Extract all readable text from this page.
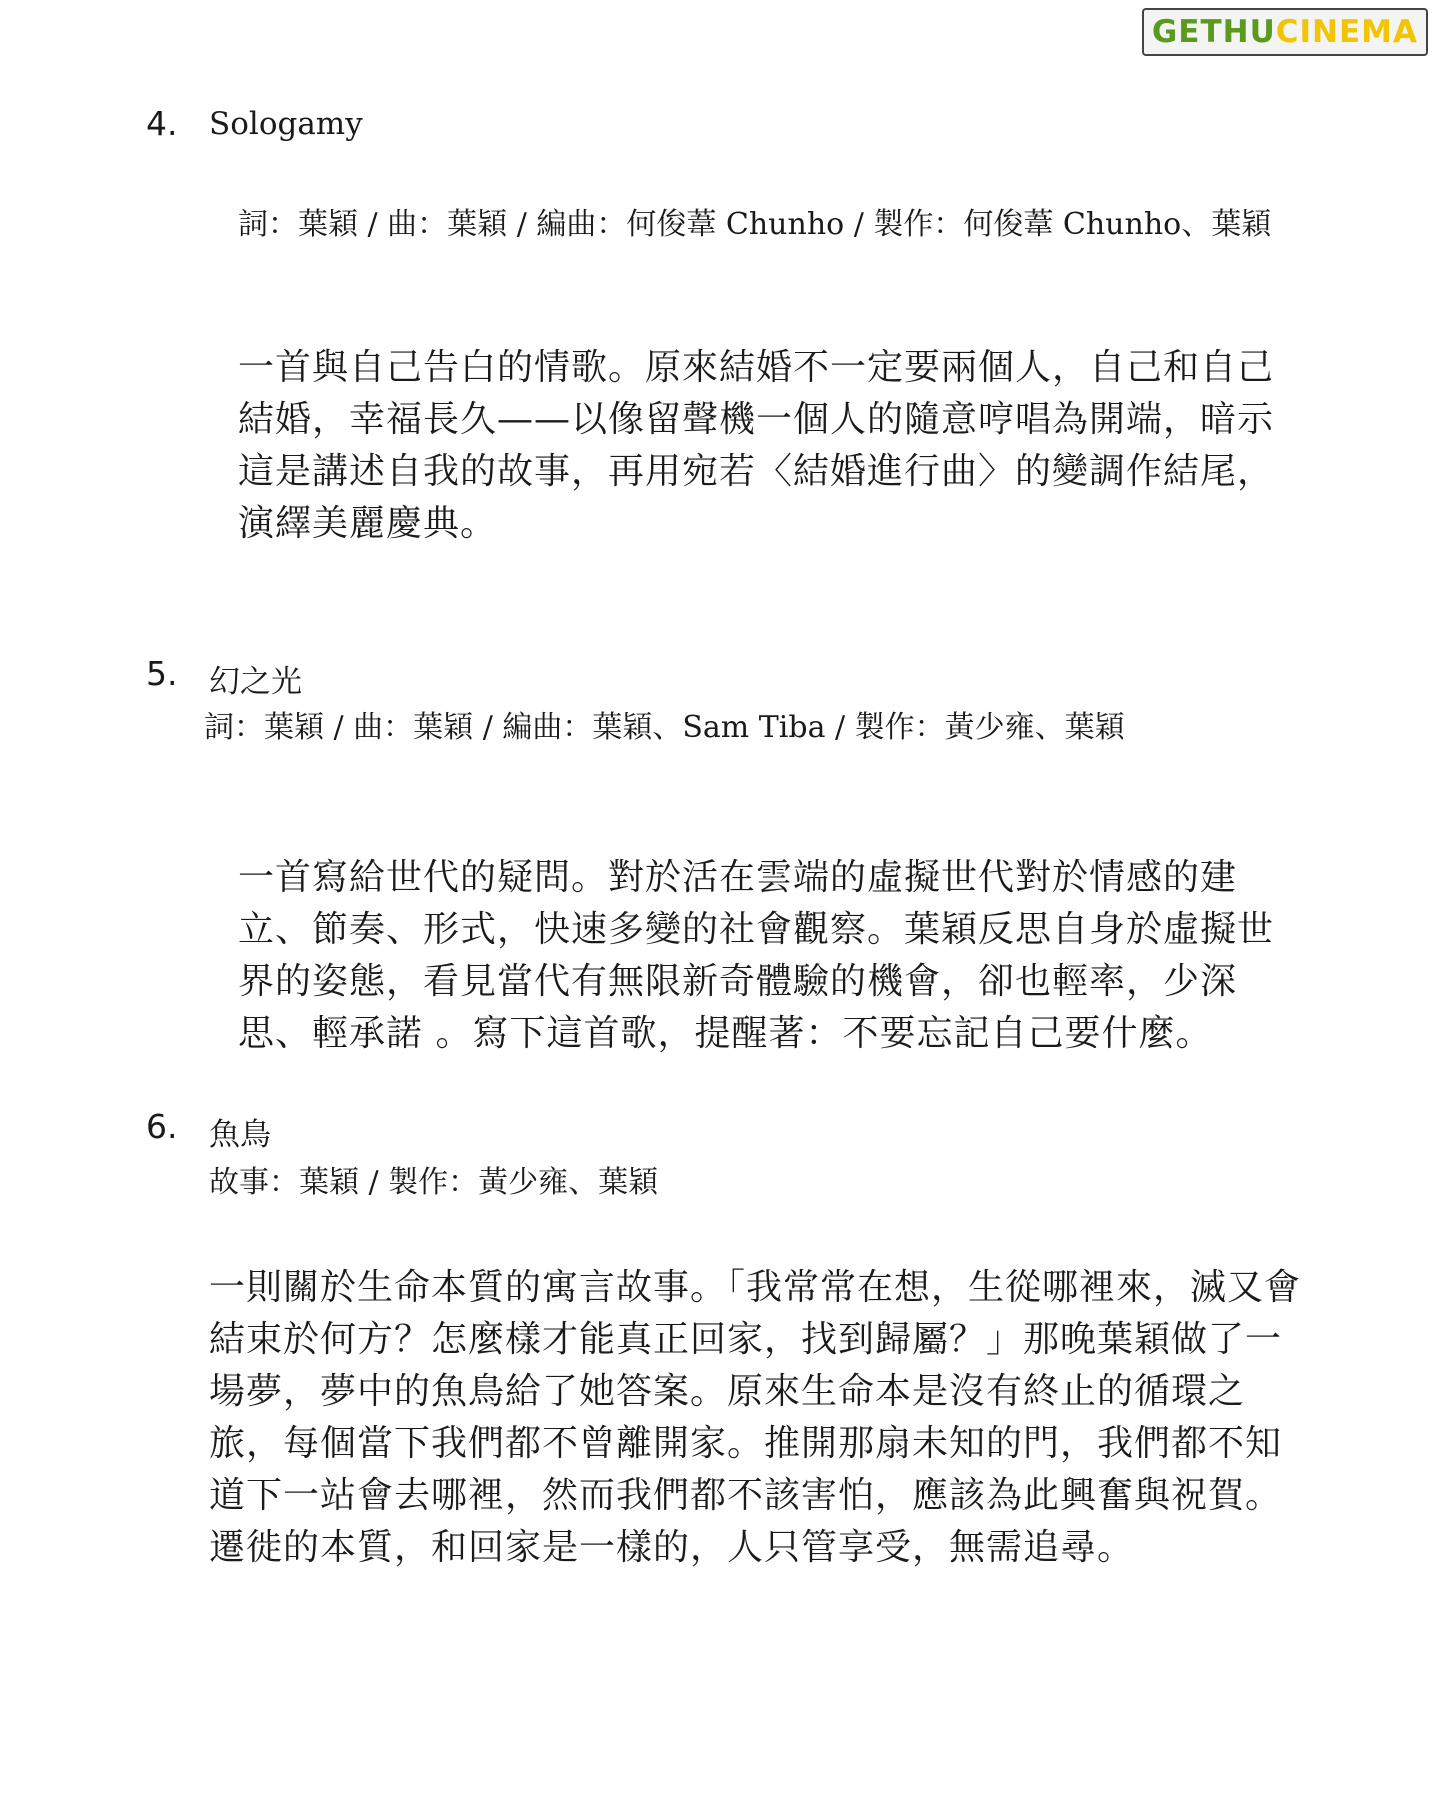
GETHU CINEMA
4. Sologamy
詞：葉穎 / 曲：葉穎 / 編曲：何俊葦 Chunho / 製作：何俊葦 Chunho、葉穎
一首與自己告白的情歌。原來結婚不一定要兩個人，自己和自己結婚，幸福長久——以像留聲機一個人的隨意哼唱為開端，暗示這是講述自我的故事，再用宛若〈結婚進行曲〉的變調作結尾，演繹美麗慶典。
5. 幻之光
詞：葉穎 / 曲：葉穎 / 編曲：葉穎、Sam Tiba / 製作：黃少雍、葉穎
一首寫給世代的疑問。對於活在雲端的虛擬世代對於情感的建立、節奏、形式，快速多變的社會觀察。葉穎反思自身於虛擬世界的姿態，看見當代有無限新奇體驗的機會，卻也輕率，少深思、輕承諾 。寫下這首歌，提醒著：不要忘記自己要什麼。
6. 魚鳥
故事：葉穎 / 製作：黃少雍、葉穎
一則關於生命本質的寓言故事。「我常常在想，生從哪裡來，滅又會結束於何方？怎麼樣才能真正回家，找到歸屬？」那晚葉穎做了一場夢，夢中的魚鳥給了她答案。原來生命本是沒有終止的循環之旅，每個當下我們都不曾離開家。推開那扇未知的門，我們都不知道下一站會去哪裡，然而我們都不該害怕，應該為此興奮與祝賀。遷徙的本質，和回家是一樣的，人只管享受，無需追尋。
